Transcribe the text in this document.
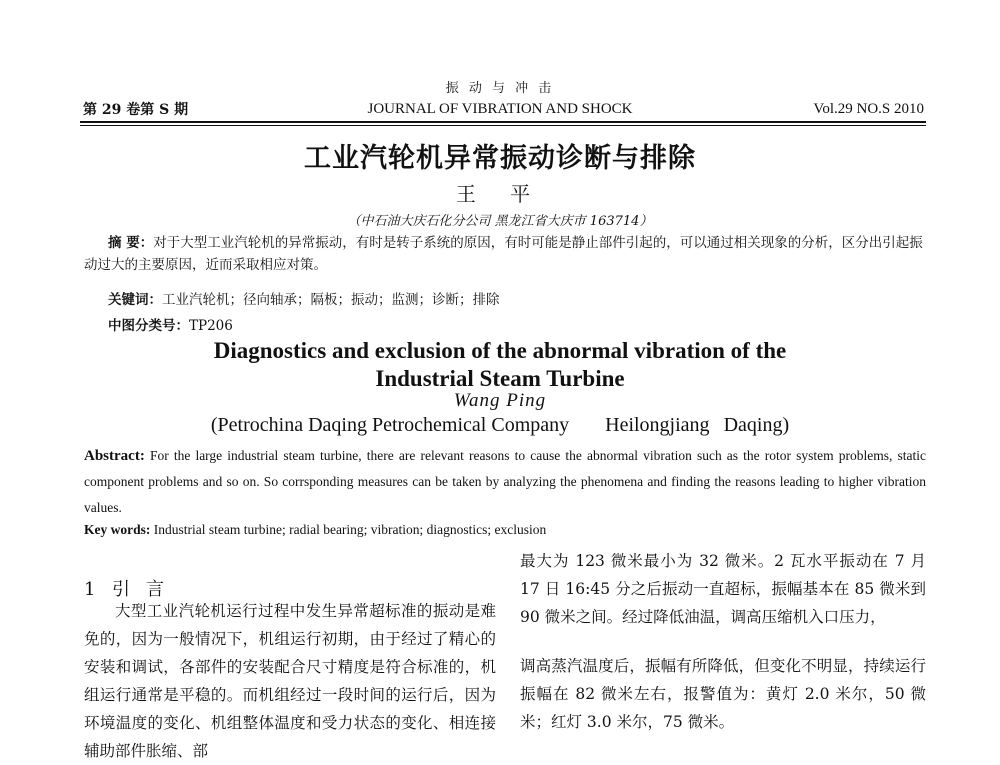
振 动 与 冲 击
第 29 卷第 S 期	JOURNAL OF VIBRATION AND SHOCK	Vol.29 NO.S 2010
工业汽轮机异常振动诊断与排除
王 平
（中石油大庆石化分公司 黑龙江省大庆市 163714）
摘 要：对于大型工业汽轮机的异常振动，有时是转子系统的原因，有时可能是静止部件引起的，可以通过相关现象的分析，区分出引起振动过大的主要原因，近而采取相应对策。
关键词：工业汽轮机；径向轴承；隔板；振动；监测；诊断；排除
中图分类号：TP206
Diagnostics and exclusion of the abnormal vibration of the Industrial Steam Turbine
Wang Ping
(Petrochina Daqing Petrochemical Company Heilongjiang Daqing)
Abstract: For the large industrial steam turbine, there are relevant reasons to cause the abnormal vibration such as the rotor system problems, static component problems and so on. So corrsponding measures can be taken by analyzing the phenomena and finding the reasons leading to higher vibration values.
Key words: Industrial steam turbine; radial bearing; vibration; diagnostics; exclusion
1 引言
大型工业汽轮机运行过程中发生异常超标准的振动是难免的，因为一般情况下，机组运行初期，由于经过了精心的安装和调试，各部件的安装配合尺寸精度是符合标准的，机组运行通常是平稳的。而机组经过一段时间的运行后，因为环境温度的变化、机组整体温度和受力状态的变化、相连接辅助部件胀缩、部
最大为 123 微米最小为 32 微米。2 瓦水平振动在 7 月 17 日 16:45 分之后振动一直超标，振幅基本在 85 微米到 90 微米之间。经过降低油温，调高压缩机入口压力，
调高蒸汽温度后，振幅有所降低，但变化不明显，持续运行振幅在 82 微米左右，报警值为：黄灯 2.0 米尔，50 微米；红灯 3.0 米尔，75 微米。
